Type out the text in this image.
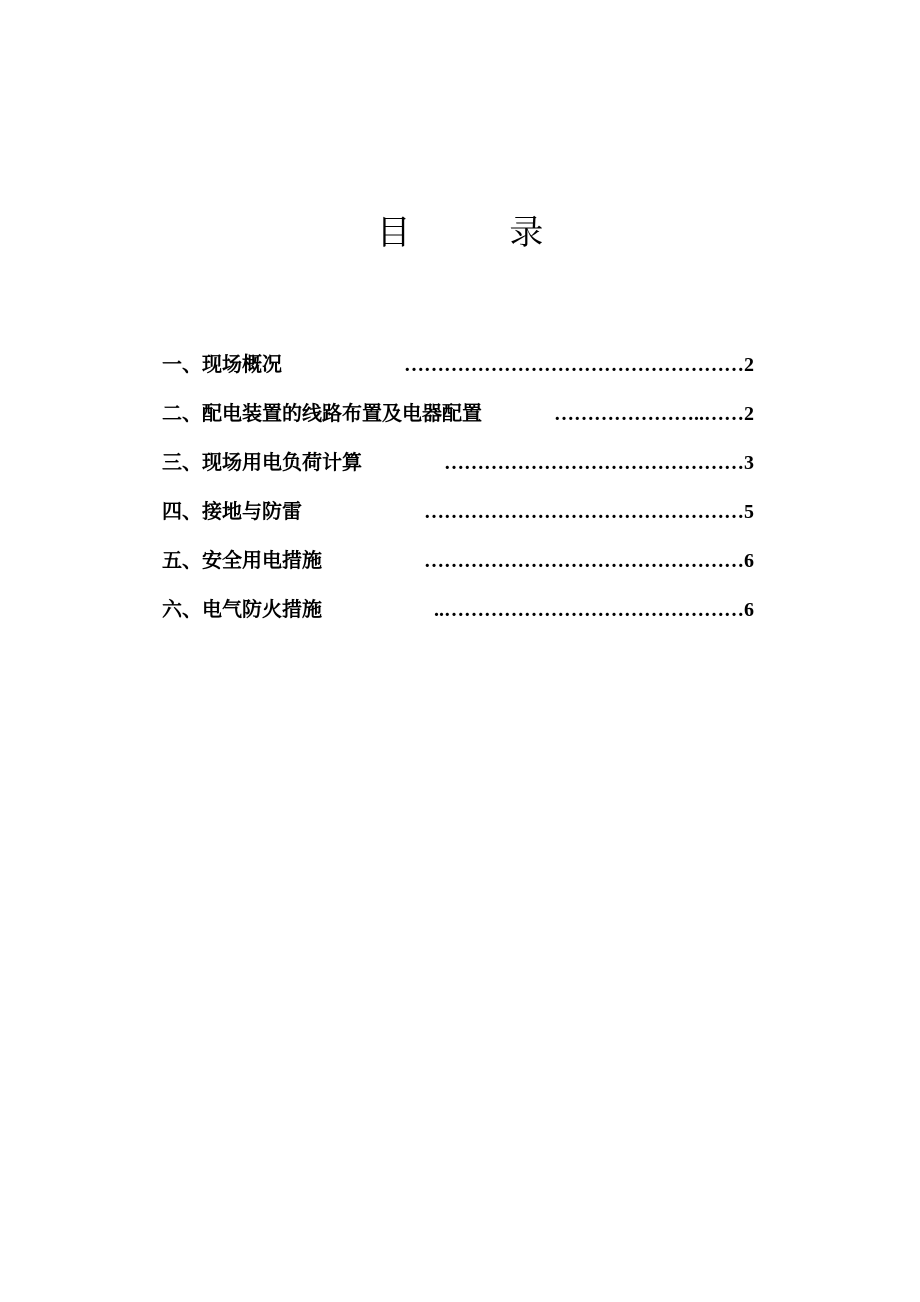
目 录
一、 现场概况	…………………………………………… 2
二、 配电装置的线路布置及电器配置	……..………………… 2
三、 现场用电负荷计算	……………………………………… 3
四、 接地与防雷	………………………………………… 5
五、 安全用电措施	………………………………………… 6
六、 电气防火措施	……………………………………….. 6
